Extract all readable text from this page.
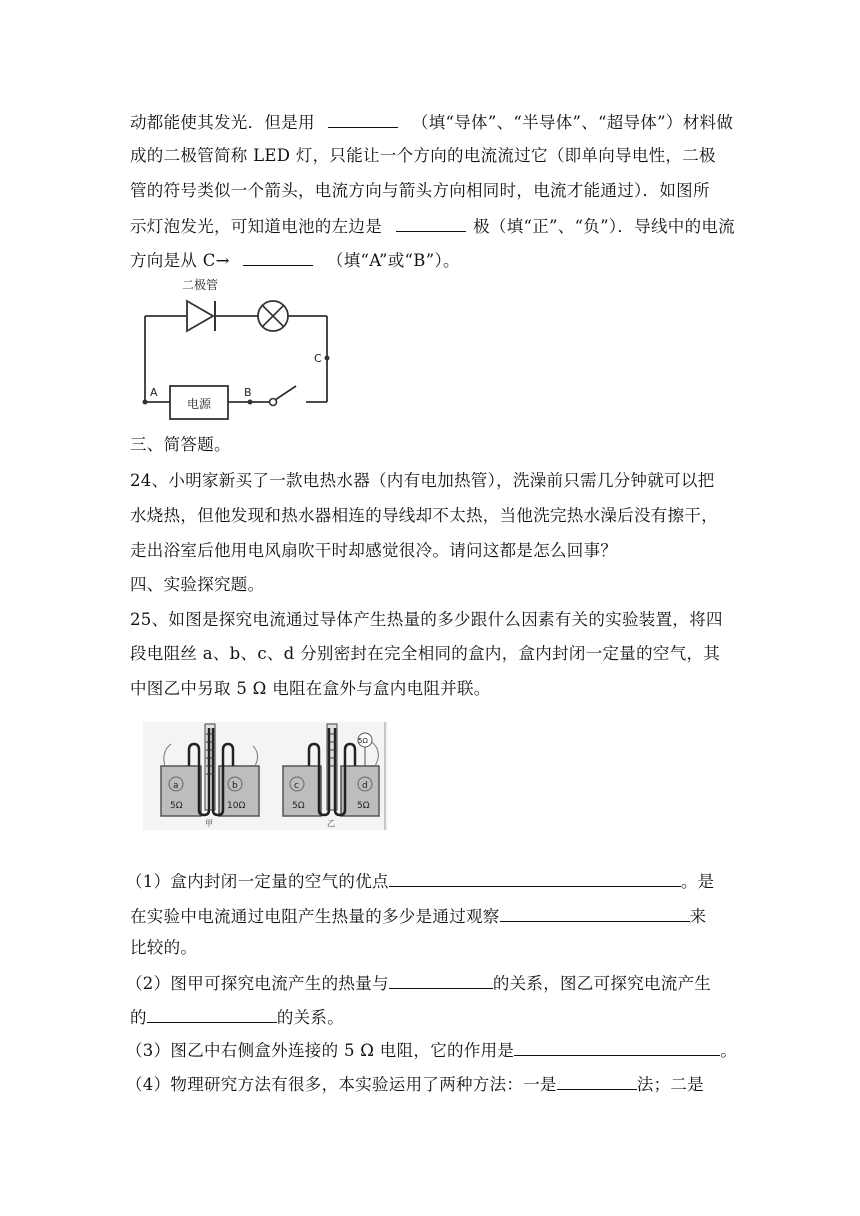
动都能使其发光．但是用	（填“导体”、“半导体”、“超导体”）材料做
成的二极管简称 LED 灯，只能让一个方向的电流流过它（即单向导电性，二极
管的符号类似一个箭头，电流方向与箭头方向相同时，电流才能通过）．如图所
示灯泡发光，可知道电池的左边是	极（填“正”、“负”）．导线中的电流
方向是从 C→	（填“A”或“B”）。
电源
二极管
A	B
C
三、简答题。
24、小明家新买了一款电热水器（内有电加热管），洗澡前只需几分钟就可以把
水烧热，但他发现和热水器相连的导线却不太热，当他洗完热水澡后没有擦干，
走出浴室后他用电风扇吹干时却感觉很冷。请问这都是怎么回事？
四、实验探究题。
25、如图是探究电流通过导体产生热量的多少跟什么因素有关的实验装置，将四
段电阻丝 a、b、c、d 分别密封在完全相同的盒内，盒内封闭一定量的空气，其
中图乙中另取 5 Ω 电阻在盒外与盒内电阻并联。
a	b
5Ω	10Ω
甲
5Ω
c	d
5Ω	5Ω
乙
（1）盒内封闭一定量的空气的优点	。是
在实验中电流通过电阻产生热量的多少是通过观察	来
比较的。
（2）图甲可探究电流产生的热量与	的关系，图乙可探究电流产生
的	的关系。
（3）图乙中右侧盒外连接的 5 Ω 电阻，它的作用是	。
（4）物理研究方法有很多，本实验运用了两种方法：一是	法；二是
